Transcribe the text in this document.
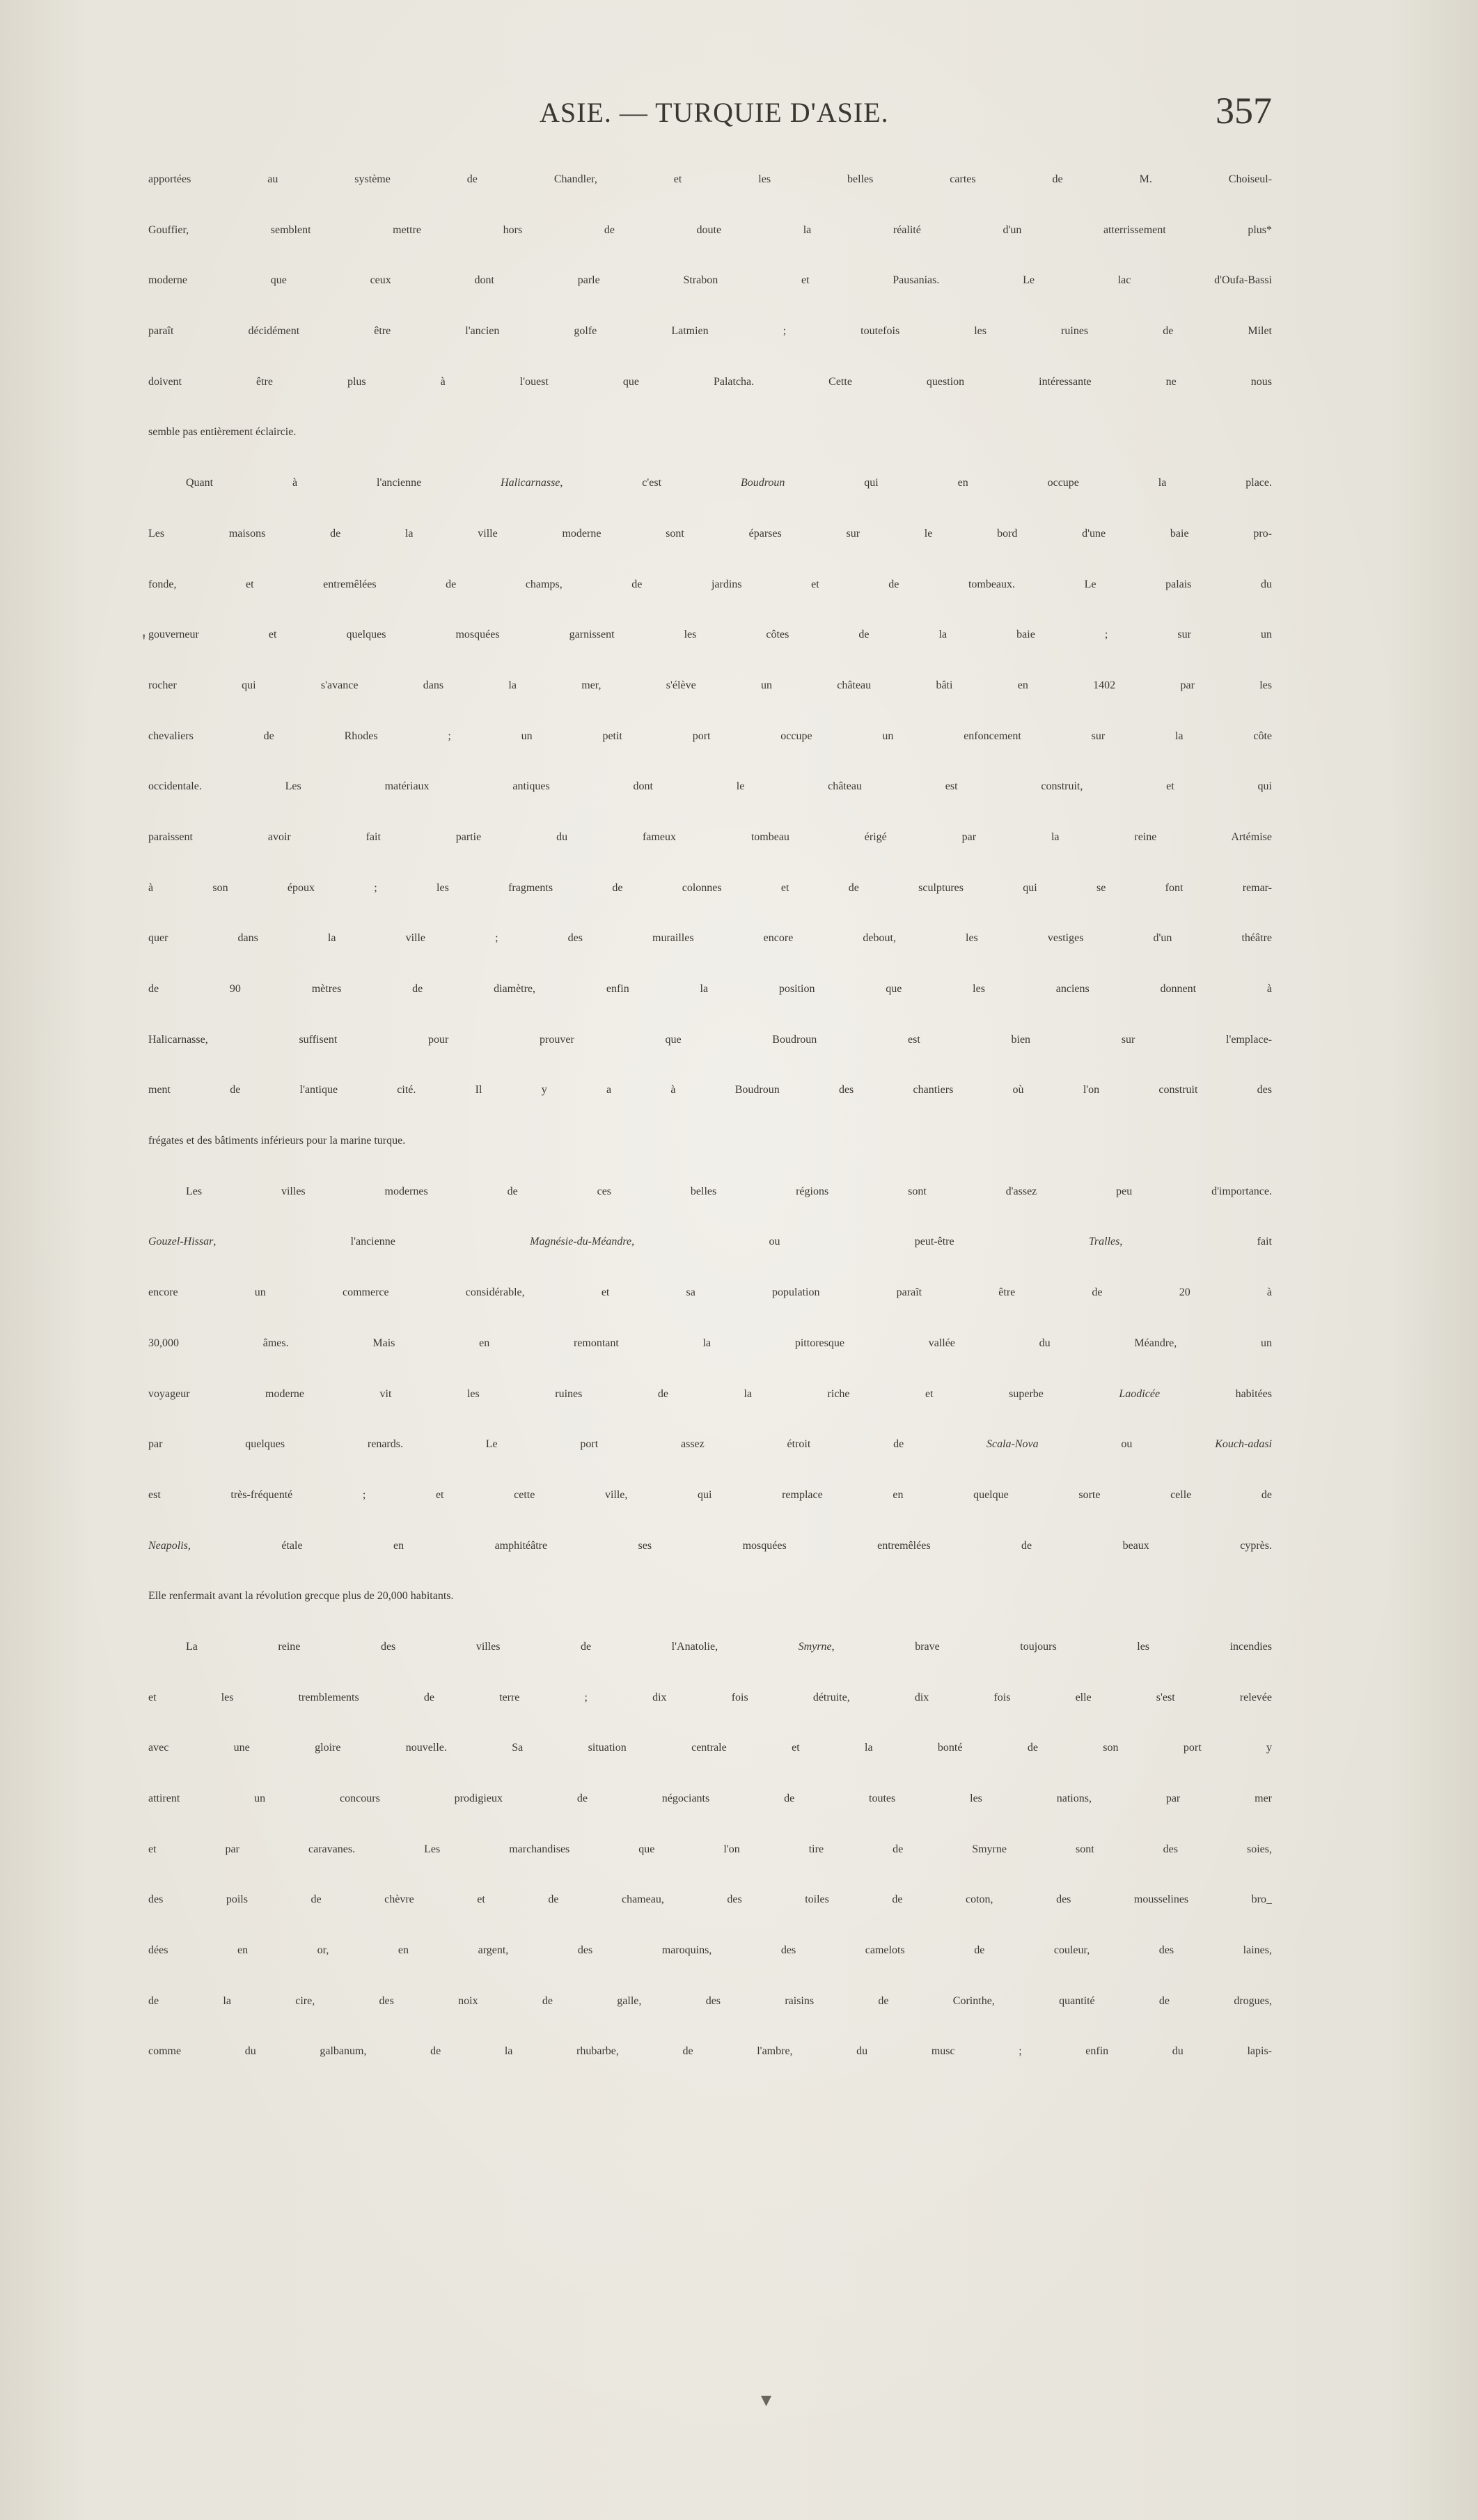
ASIE. — TURQUIE D'ASIE.	357
apportées au système de Chandler, et les belles cartes de M. Choiseul-
Gouffier, semblent mettre hors de doute la réalité d'un atterrissement plus*
moderne que ceux dont parle Strabon et Pausanias. Le lac d'Oufa-Bassi
paraît décidément être l'ancien golfe Latmien ; toutefois les ruines de Milet
doivent être plus à l'ouest que Palatcha. Cette question intéressante ne nous
semble pas entièrement éclaircie.
Quant à l'ancienne Halicarnasse, c'est Boudroun qui en occupe la place.
Les maisons de la ville moderne sont éparses sur le bord d'une baie pro-
fonde, et entremêlées de champs, de jardins et de tombeaux. Le palais du
gouverneur et quelques mosquées garnissent les côtes de la baie ; sur un
rocher qui s'avance dans la mer, s'élève un château bâti en 1402 par les
chevaliers de Rhodes ; un petit port occupe un enfoncement sur la côte
occidentale. Les matériaux antiques dont le château est construit, et qui
paraissent avoir fait partie du fameux tombeau érigé par la reine Artémise
à son époux ; les fragments de colonnes et de sculptures qui se font remar-
quer dans la ville ; des murailles encore debout, les vestiges d'un théâtre
de 90 mètres de diamètre, enfin la position que les anciens donnent à
Halicarnasse, suffisent pour prouver que Boudroun est bien sur l'emplace-
ment de l'antique cité. Il y a à Boudroun des chantiers où l'on construit des
frégates et des bâtiments inférieurs pour la marine turque.
Les villes modernes de ces belles régions sont d'assez peu d'importance.
Gouzel-Hissar, l'ancienne Magnésie-du-Méandre, ou peut-être Tralles, fait
encore un commerce considérable, et sa population paraît être de 20 à
30,000 âmes. Mais en remontant la pittoresque vallée du Méandre, un
voyageur moderne vit les ruines de la riche et superbe Laodicée habitées
par quelques renards. Le port assez étroit de Scala-Nova ou Kouch-adasi
est très-fréquenté ; et cette ville, qui remplace en quelque sorte celle de
Neapolis, étale en amphitéâtre ses mosquées entremêlées de beaux cyprès.
Elle renfermait avant la révolution grecque plus de 20,000 habitants.
La reine des villes de l'Anatolie, Smyrne, brave toujours les incendies
et les tremblements de terre ; dix fois détruite, dix fois elle s'est relevée
avec une gloire nouvelle. Sa situation centrale et la bonté de son port y
attirent un concours prodigieux de négociants de toutes les nations, par mer
et par caravanes. Les marchandises que l'on tire de Smyrne sont des soies,
des poils de chèvre et de chameau, des toiles de coton, des mousselines bro_
dées en or, en argent, des maroquins, des camelots de couleur, des laines,
de la cire, des noix de galle, des raisins de Corinthe, quantité de drogues,
comme du galbanum, de la rhubarbe, de l'ambre, du musc ; enfin du lapis-
'
▾
